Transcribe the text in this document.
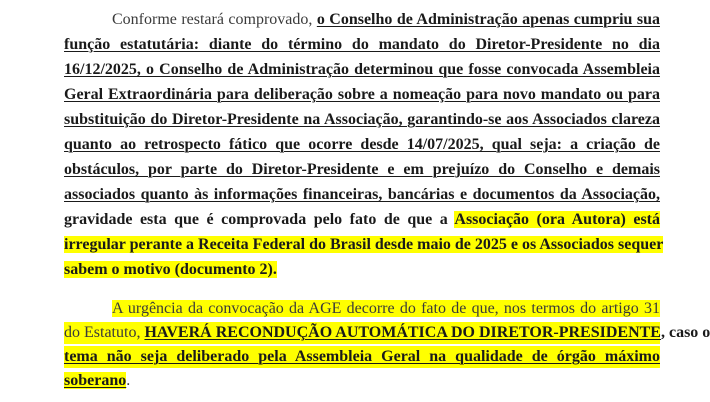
Conforme restará comprovado, o Conselho de Administração apenas cumpriu sua
função estatutária: diante do término do mandato do Diretor-Presidente no dia
16/12/2025, o Conselho de Administração determinou que fosse convocada Assembleia
Geral Extraordinária para deliberação sobre a nomeação para novo mandato ou para
substituição do Diretor-Presidente na Associação, garantindo-se aos Associados clareza
quanto ao retrospecto fático que ocorre desde 14/07/2025, qual seja: a criação de
obstáculos, por parte do Diretor-Presidente e em prejuízo do Conselho e demais
associados quanto às informações financeiras, bancárias e documentos da Associação,
gravidade esta que é comprovada pelo fato de que a Associação (ora Autora) está
irregular perante a Receita Federal do Brasil desde maio de 2025 e os Associados sequer
sabem o motivo (documento 2).
A urgência da convocação da AGE decorre do fato de que, nos termos do artigo 31
do Estatuto, HAVERÁ RECONDUÇÃO AUTOMÁTICA DO DIRETOR-PRESIDENTE, caso o
tema não seja deliberado pela Assembleia Geral na qualidade de órgão máximo
soberano.
